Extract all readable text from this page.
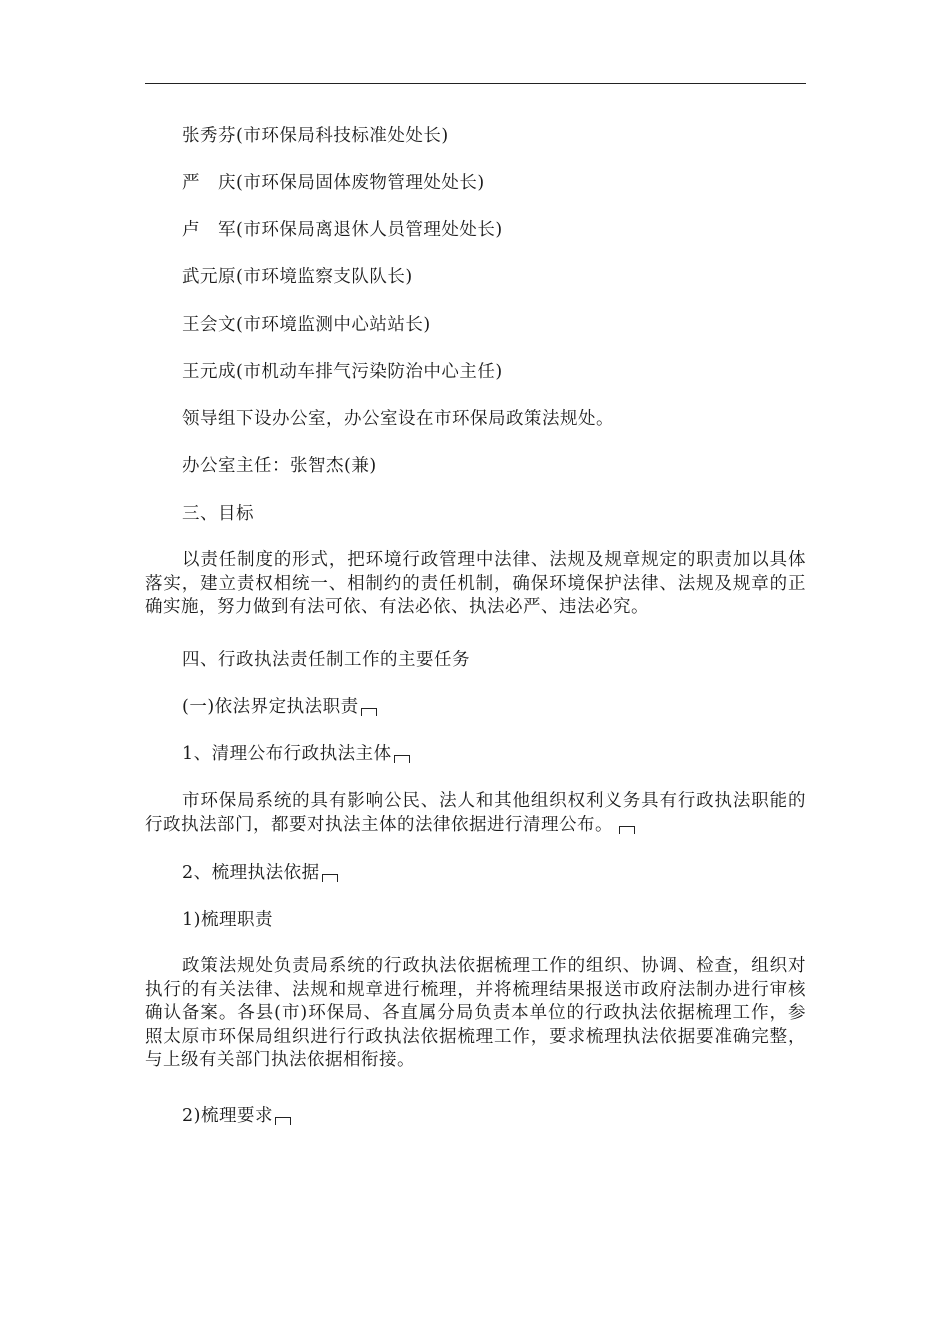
张秀芬(市环保局科技标准处处长)
严　庆(市环保局固体废物管理处处长)
卢　军(市环保局离退休人员管理处处长)
武元原(市环境监察支队队长)
王会文(市环境监测中心站站长)
王元成(市机动车排气污染防治中心主任)
领导组下设办公室，办公室设在市环保局政策法规处。
办公室主任：张智杰(兼)
三、目标
以责任制度的形式，把环境行政管理中法律、法规及规章规定的职责加以具体落实，建立责权相统一、相制约的责任机制，确保环境保护法律、法规及规章的正确实施，努力做到有法可依、有法必依、执法必严、违法必究。
四、行政执法责任制工作的主要任务
(一)依法界定执法职责
1、清理公布行政执法主体
市环保局系统的具有影响公民、法人和其他组织权利义务具有行政执法职能的行政执法部门，都要对执法主体的法律依据进行清理公布。
2、梳理执法依据
1)梳理职责
政策法规处负责局系统的行政执法依据梳理工作的组织、协调、检查，组织对执行的有关法律、法规和规章进行梳理，并将梳理结果报送市政府法制办进行审核确认备案。各县(市)环保局、各直属分局负责本单位的行政执法依据梳理工作，参照太原市环保局组织进行行政执法依据梳理工作，要求梳理执法依据要准确完整，与上级有关部门执法依据相衔接。
2)梳理要求
